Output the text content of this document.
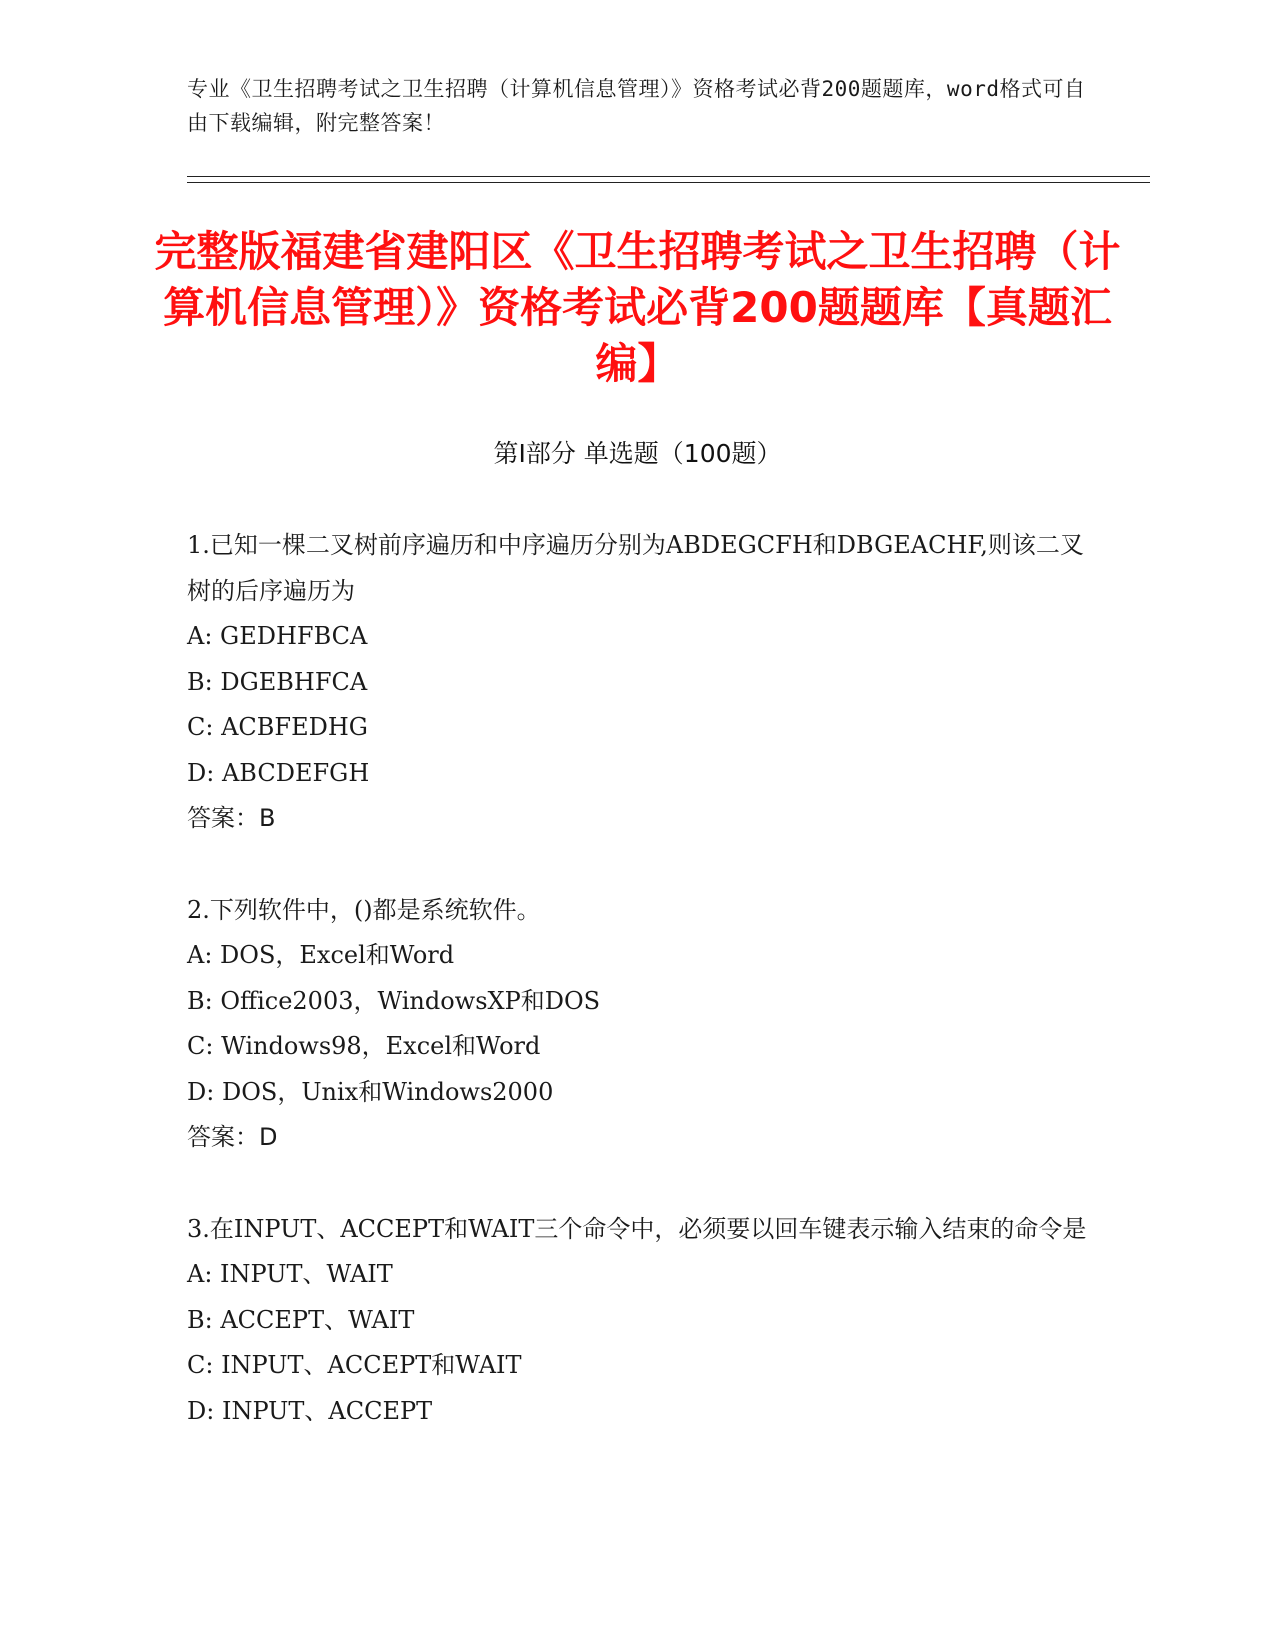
专业《卫生招聘考试之卫生招聘（计算机信息管理）》资格考试必背200题题库，word格式可自由下载编辑，附完整答案！
完整版福建省建阳区《卫生招聘考试之卫生招聘（计算机信息管理）》资格考试必背200题题库【真题汇编】
第Ⅰ部分 单选题（100题）

1.已知一棵二叉树前序遍历和中序遍历分别为ABDEGCFH和DBGEACHF,则该二叉树的后序遍历为

A: GEDHFBCA

B: DGEBHFCA

C: ACBFEDHG

D: ABCDEFGH

答案：B

2.下列软件中，()都是系统软件。

A: DOS，Excel和Word

B: Office2003，WindowsXP和DOS

C: Windows98，Excel和Word

D: DOS，Unix和Windows2000

答案：D

3.在INPUT、ACCEPT和WAIT三个命令中，必须要以回车键表示输入结束的命令是

A: INPUT、WAIT

B: ACCEPT、WAIT

C: INPUT、ACCEPT和WAIT

D: INPUT、ACCEPT
